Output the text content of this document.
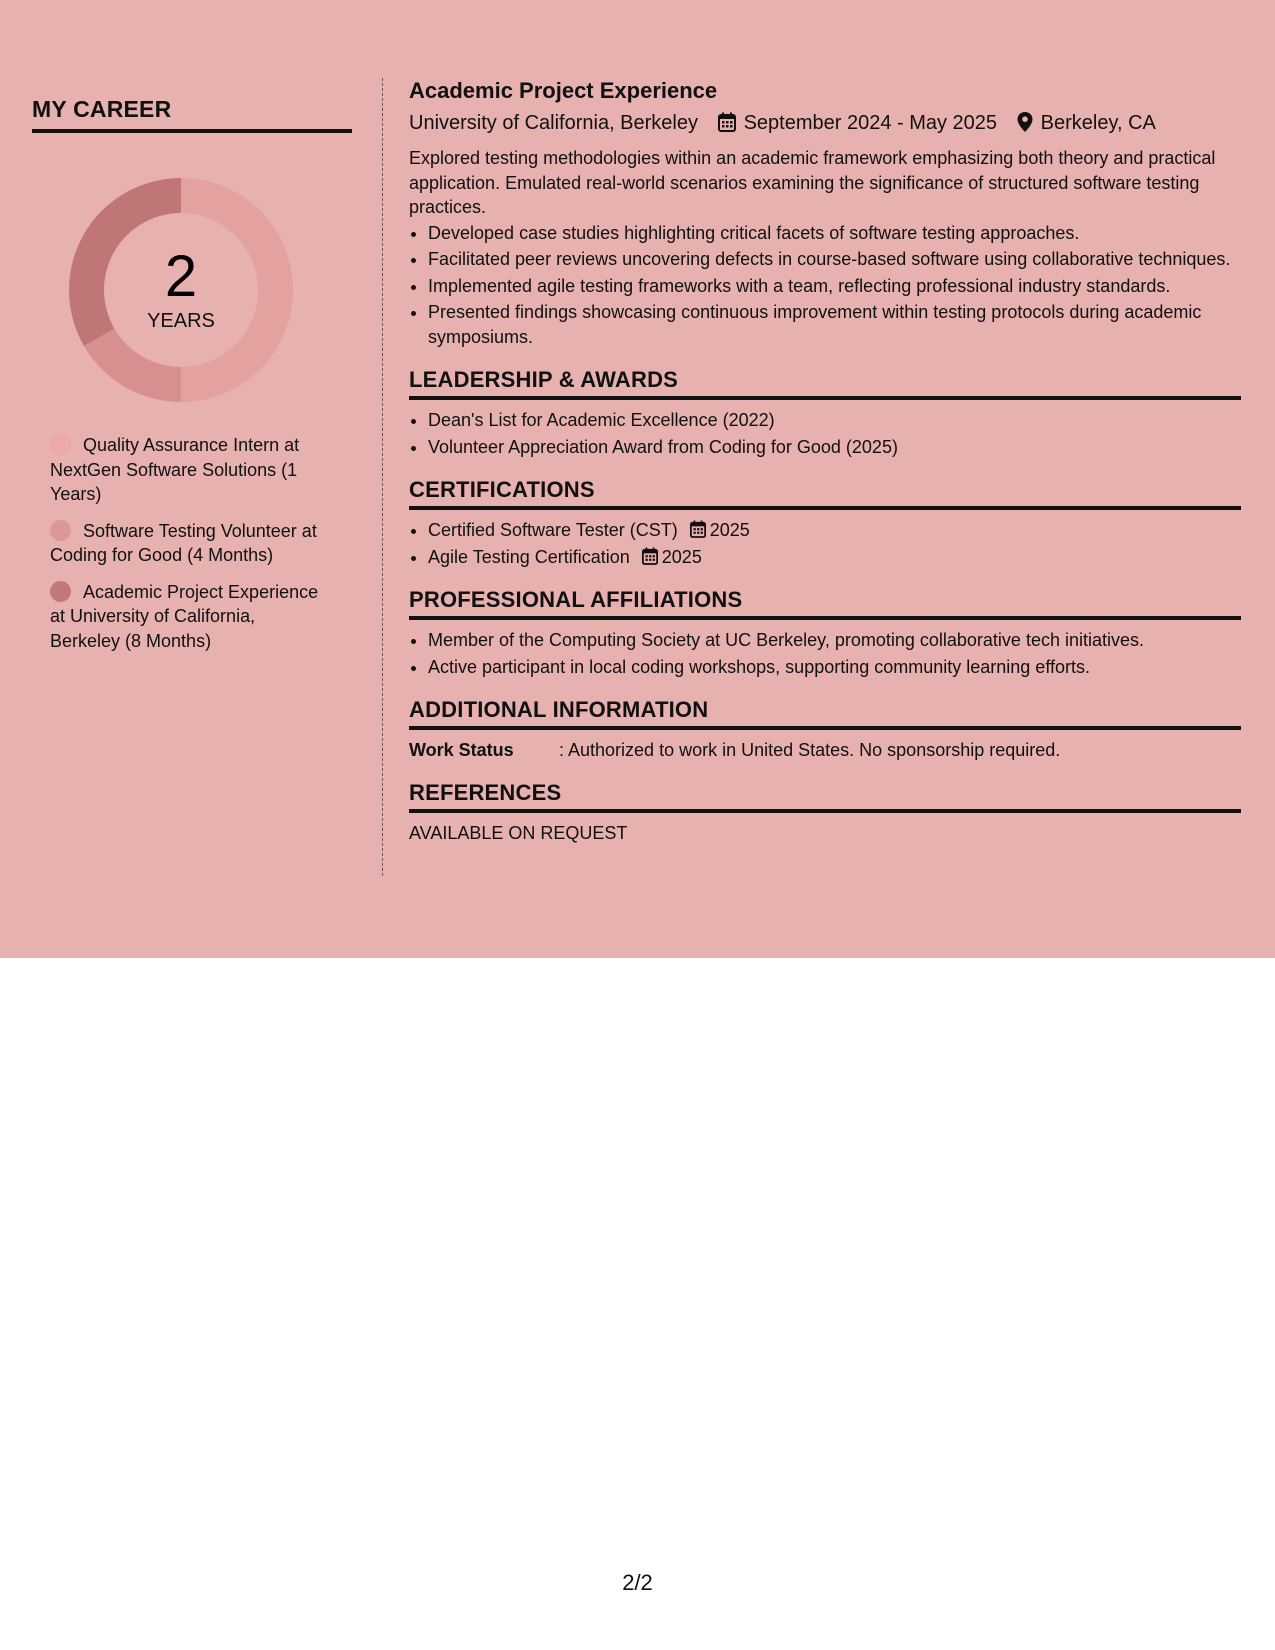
MY CAREER
2
YEARS
Quality Assurance Intern at NextGen Software Solutions (1 Years)
Software Testing Volunteer at Coding for Good (4 Months)
Academic Project Experience at University of California, Berkeley (8 Months)
Academic Project Experience
University of California, Berkeley September 2024 - May 2025 Berkeley, CA
Explored testing methodologies within an academic framework emphasizing both theory and practical application. Emulated real-world scenarios examining the significance of structured software testing practices.
• Developed case studies highlighting critical facets of software testing approaches.
• Facilitated peer reviews uncovering defects in course-based software using collaborative techniques.
• Implemented agile testing frameworks with a team, reflecting professional industry standards.
• Presented findings showcasing continuous improvement within testing protocols during academic symposiums.
LEADERSHIP & AWARDS
• Dean's List for Academic Excellence (2022)
• Volunteer Appreciation Award from Coding for Good (2025)
CERTIFICATIONS
• Certified Software Tester (CST) 2025
• Agile Testing Certification 2025
PROFESSIONAL AFFILIATIONS
• Member of the Computing Society at UC Berkeley, promoting collaborative tech initiatives.
• Active participant in local coding workshops, supporting community learning efforts.
ADDITIONAL INFORMATION
Work Status	: Authorized to work in United States. No sponsorship required.
REFERENCES
AVAILABLE ON REQUEST
2/2
